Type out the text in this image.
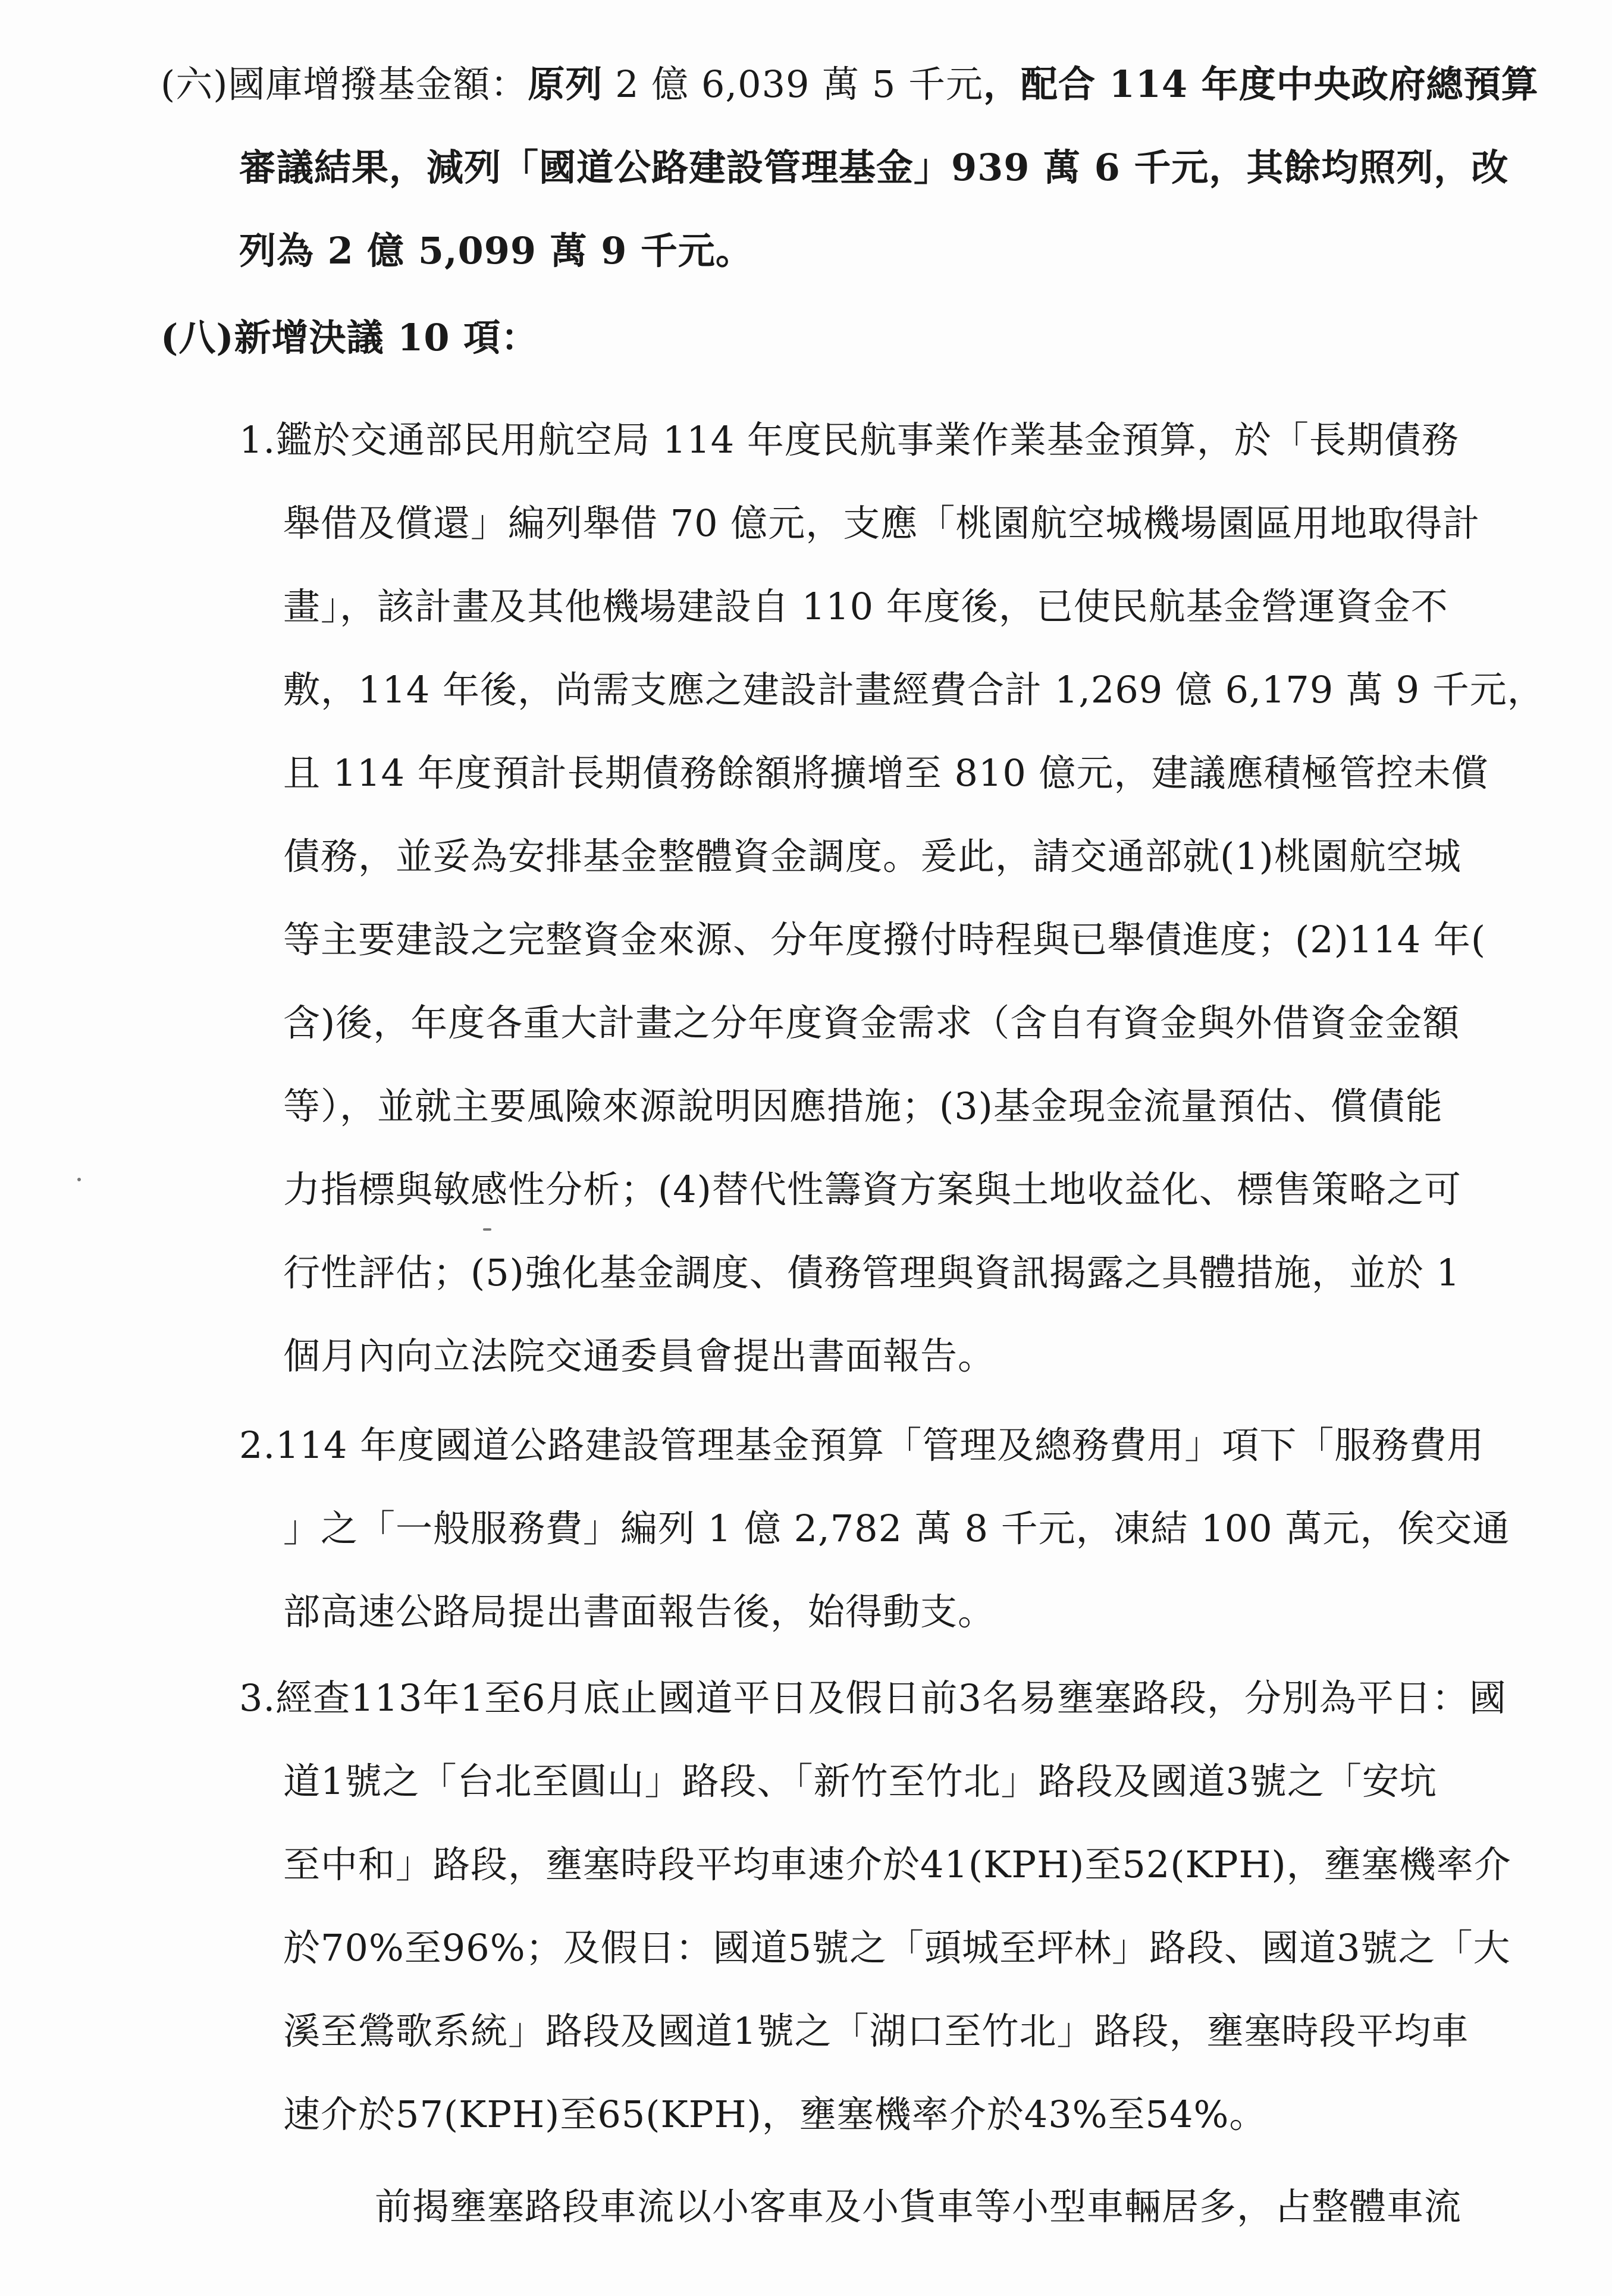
(六)國庫增撥基金額：原列 2 億 6,039 萬 5 千元，配合 114 年度中央政府總預算
審議結果，減列「國道公路建設管理基金」939 萬 6 千元，其餘均照列，改
列為 2 億 5,099 萬 9 千元。
(八)新增決議 10 項：
1.鑑於交通部民用航空局 114 年度民航事業作業基金預算，於「長期債務
舉借及償還」編列舉借 70 億元，支應「桃園航空城機場園區用地取得計
畫」，該計畫及其他機場建設自 110 年度後，已使民航基金營運資金不
敷，114 年後，尚需支應之建設計畫經費合計 1,269 億 6,179 萬 9 千元，
且 114 年度預計長期債務餘額將擴增至 810 億元，建議應積極管控未償
債務，並妥為安排基金整體資金調度。爰此，請交通部就(1)桃園航空城
等主要建設之完整資金來源、分年度撥付時程與已舉債進度；(2)114 年(
含)後，年度各重大計畫之分年度資金需求（含自有資金與外借資金金額
等），並就主要風險來源說明因應措施；(3)基金現金流量預估、償債能
力指標與敏感性分析；(4)替代性籌資方案與土地收益化、標售策略之可
行性評估；(5)強化基金調度、債務管理與資訊揭露之具體措施，並於 1
個月內向立法院交通委員會提出書面報告。
2.114 年度國道公路建設管理基金預算「管理及總務費用」項下「服務費用
」之「一般服務費」編列 1 億 2,782 萬 8 千元，凍結 100 萬元，俟交通
部高速公路局提出書面報告後，始得動支。
3.經查113年1至6月底止國道平日及假日前3名易壅塞路段，分別為平日：國
道1號之「台北至圓山」路段、「新竹至竹北」路段及國道3號之「安坑
至中和」路段，壅塞時段平均車速介於41(KPH)至52(KPH)，壅塞機率介
於70%至96%；及假日：國道5號之「頭城至坪林」路段、國道3號之「大
溪至鶯歌系統」路段及國道1號之「湖口至竹北」路段，壅塞時段平均車
速介於57(KPH)至65(KPH)，壅塞機率介於43%至54%。
前揭壅塞路段車流以小客車及小貨車等小型車輛居多，占整體車流
